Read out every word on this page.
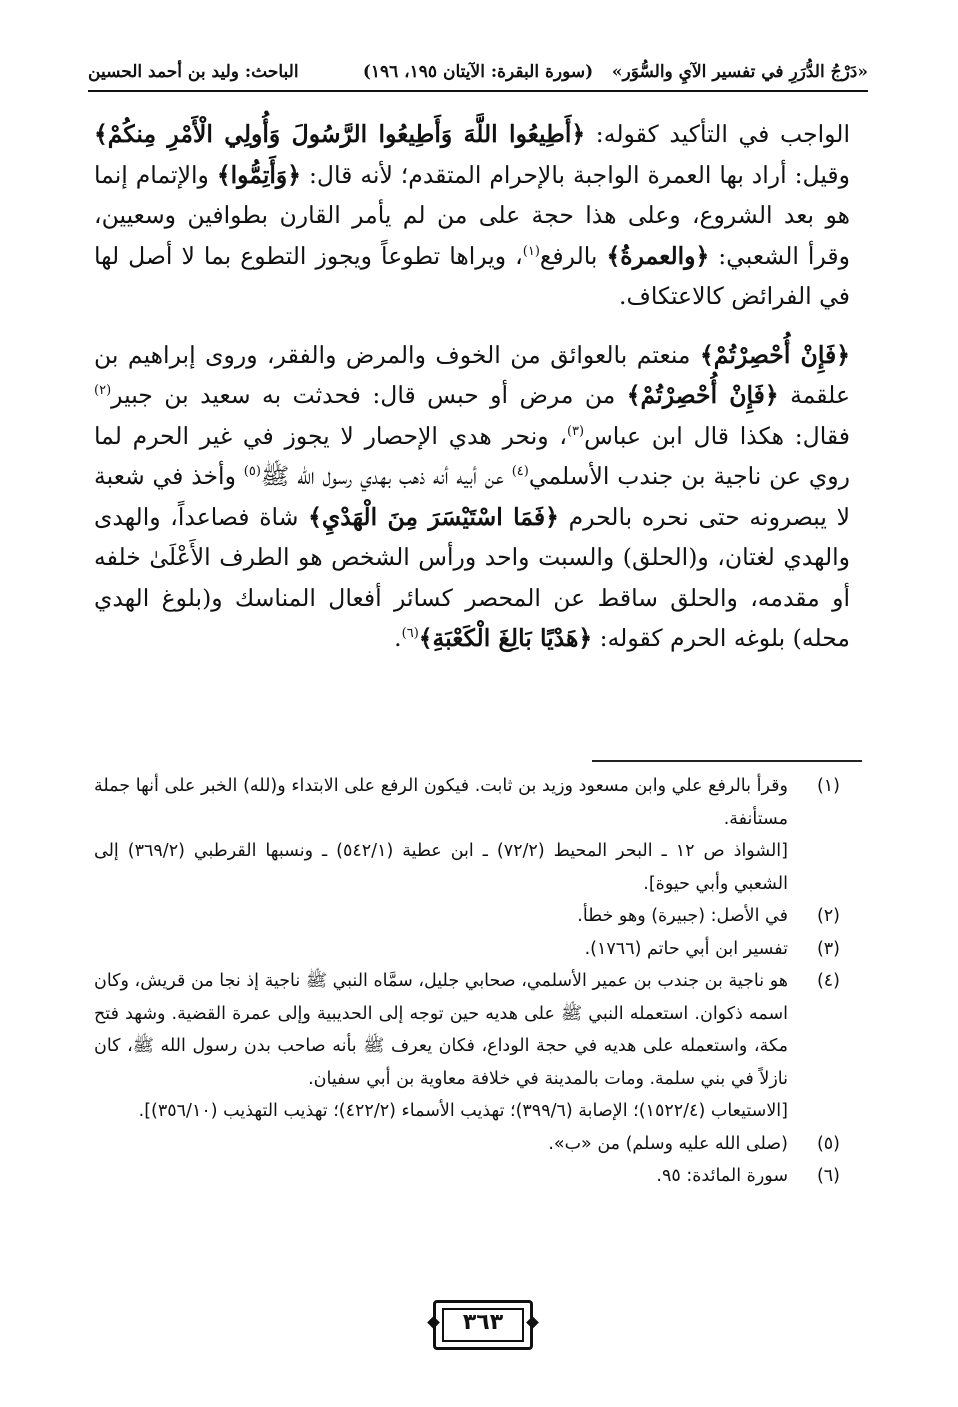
«دَرْجُ الدُّرَرِ في تفسير الآيِ والسُّوَر»
(سورة البقرة: الآيتان ١٩٥، ١٩٦)
الباحث: وليد بن أحمد الحسين

الواجب في التأكيد كقوله: ﴿أَطِيعُوا اللَّهَ وَأَطِيعُوا الرَّسُولَ وَأُولِي الْأَمْرِ مِنكُمْ﴾ وقيل: أراد بها العمرة الواجبة بالإحرام المتقدم؛ لأنه قال: ﴿وَأَتِمُّوا﴾ والإتمام إنما هو بعد الشروع، وعلى هذا حجة على من لم يأمر القارن بطوافين وسعيين، وقرأ الشعبي: ﴿والعمرةُ﴾ بالرفع$^{(١)}$، ويراها تطوعاً ويجوز التطوع بما لا أصل لها في الفرائض كالاعتكاف.

﴿فَإِنْ أُحْصِرْتُمْ﴾ منعتم بالعوائق من الخوف والمرض والفقر، وروى إبراهيم بن علقمة ﴿فَإِنْ أُحْصِرْتُمْ﴾ من مرض أو حبس قال: فحدثت به سعيد بن جبير$^{(٢)}$ فقال: هكذا قال ابن عباس$^{(٣)}$، ونحر هدي الإحصار لا يجوز في غير الحرم لما روي عن ناجية بن جندب الأسلمي$^{(٤)}$ عن أبيه أنه ذهب بهدي رسول الله ﷺ$^{(٥)}$ وأخذ في شعبة لا يبصرونه حتى نحره بالحرم ﴿فَمَا اسْتَيْسَرَ مِنَ الْهَدْيِ﴾ شاة فصاعداً، والهدى والهدي لغتان، و(الحلق) والسبت واحد ورأس الشخص هو الطرف الأَعْلَىٰ خلفه أو مقدمه، والحلق ساقط عن المحصر كسائر أفعال المناسك و(بلوغ الهدي محله) بلوغه الحرم كقوله: ﴿هَدْيًا بَالِغَ الْكَعْبَةِ﴾$^{(٦)}$.

(١)
وقرأ بالرفع علي وابن مسعود وزيد بن ثابت. فيكون الرفع على الابتداء و(لله) الخبر على أنها جملة مستأنفة.
[الشواذ ص ١٢ ـ البحر المحيط (٧٢/٢) ـ ابن عطية (٥٤٢/١) ـ ونسبها القرطبي (٣٦٩/٢) إلى الشعبي وأبي حيوة].
(٢)
في الأصل: (جبيرة) وهو خطأ.
(٣)
تفسير ابن أبي حاتم (١٧٦٦).
(٤)
هو ناجية بن جندب بن عمير الأسلمي، صحابي جليل، سمَّاه النبي ﷺ ناجية إذ نجا من قريش، وكان اسمه ذكوان. استعمله النبي ﷺ على هديه حين توجه إلى الحديبية وإلى عمرة القضية. وشهد فتح مكة، واستعمله على هديه في حجة الوداع، فكان يعرف ﷺ بأنه صاحب بدن رسول الله ﷺ، كان نازلاً في بني سلمة. ومات بالمدينة في خلافة معاوية بن أبي سفيان.
[الاستيعاب (١٥٢٢/٤)؛ الإصابة (٣٩٩/٦)؛ تهذيب الأسماء (٤٢٢/٢)؛ تهذيب التهذيب (٣٥٦/١٠)].
(٥)
(صلى الله عليه وسلم) من «ب».
(٦)
سورة المائدة: ٩٥.
٣٦٣
